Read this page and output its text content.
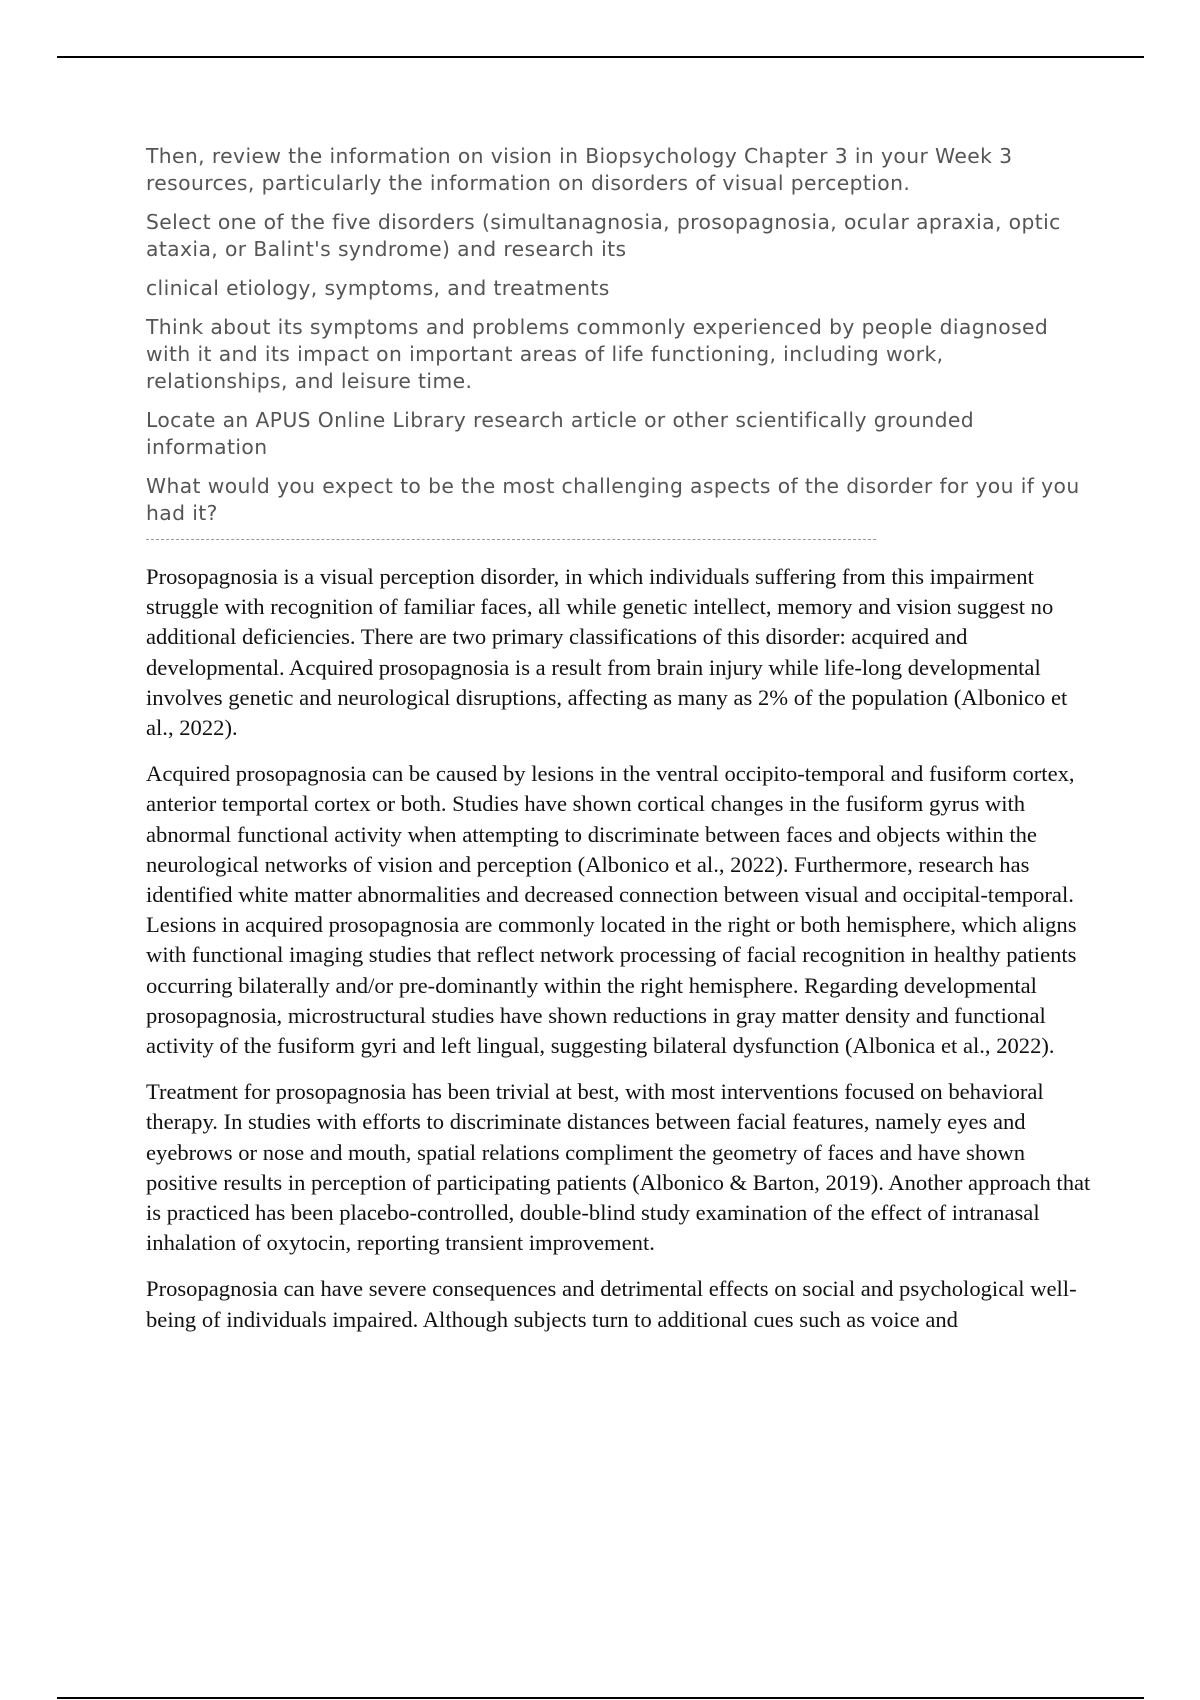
Then, review the information on vision in Biopsychology Chapter 3 in your Week 3 resources, particularly the information on disorders of visual perception.

Select one of the five disorders (simultanagnosia, prosopagnosia, ocular apraxia, optic ataxia, or Balint's syndrome) and research its

clinical etiology, symptoms, and treatments

Think about its symptoms and problems commonly experienced by people diagnosed with it and its impact on important areas of life functioning, including work, relationships, and leisure time.

Locate an APUS Online Library research article or other scientifically grounded information

What would you expect to be the most challenging aspects of the disorder for you if you had it?

Prosopagnosia is a visual perception disorder, in which individuals suffering from this impairment struggle with recognition of familiar faces, all while genetic intellect, memory and vision suggest no additional deficiencies. There are two primary classifications of this disorder: acquired and developmental. Acquired prosopagnosia is a result from brain injury while life-long developmental involves genetic and neurological disruptions, affecting as many as 2% of the population (Albonico et al., 2022).

Acquired prosopagnosia can be caused by lesions in the ventral occipito-temporal and fusiform cortex, anterior temportal cortex or both. Studies have shown cortical changes in the fusiform gyrus with abnormal functional activity when attempting to discriminate between faces and objects within the neurological networks of vision and perception (Albonico et al., 2022). Furthermore, research has identified white matter abnormalities and decreased connection between visual and occipital-temporal. Lesions in acquired prosopagnosia are commonly located in the right or both hemisphere, which aligns with functional imaging studies that reflect network processing of facial recognition in healthy patients occurring bilaterally and/or pre-dominantly within the right hemisphere. Regarding developmental prosopagnosia, microstructural studies have shown reductions in gray matter density and functional activity of the fusiform gyri and left lingual, suggesting bilateral dysfunction (Albonica et al., 2022).

Treatment for prosopagnosia has been trivial at best, with most interventions focused on behavioral therapy. In studies with efforts to discriminate distances between facial features, namely eyes and eyebrows or nose and mouth, spatial relations compliment the geometry of faces and have shown positive results in perception of participating patients (Albonico & Barton, 2019). Another approach that is practiced has been placebo-controlled, double-blind study examination of the effect of intranasal inhalation of oxytocin, reporting transient improvement.

Prosopagnosia can have severe consequences and detrimental effects on social and psychological well-being of individuals impaired. Although subjects turn to additional cues such as voice and
